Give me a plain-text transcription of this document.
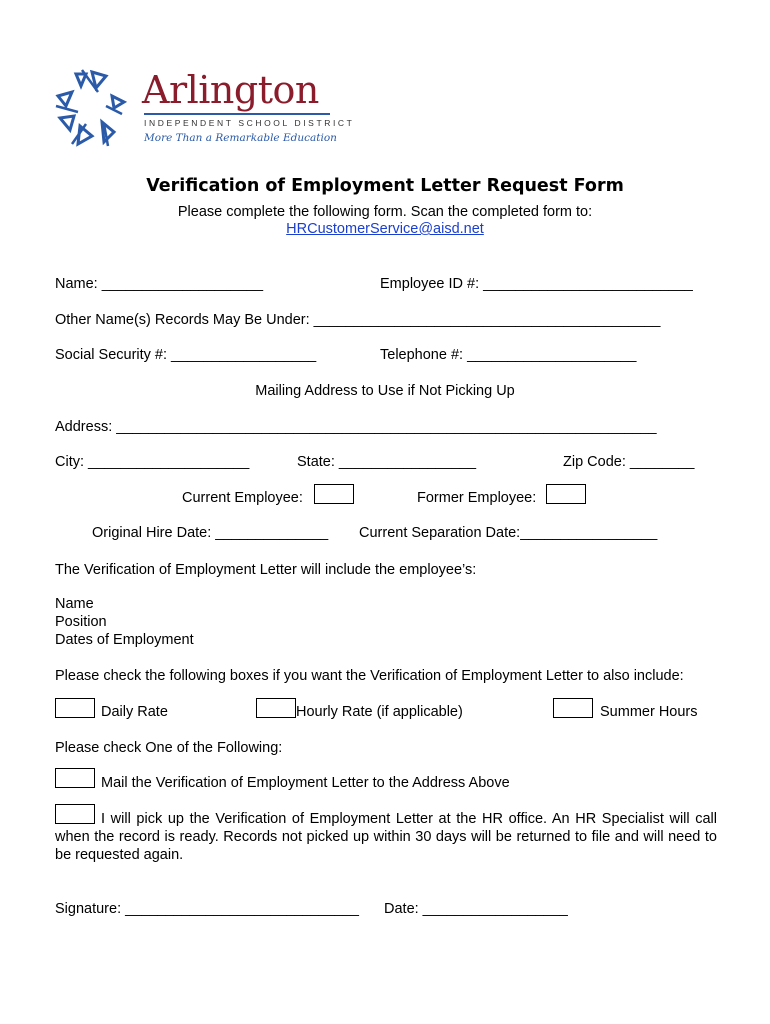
Arlington
INDEPENDENT SCHOOL DISTRICT
More Than a Remarkable Education
Verification of Employment Letter Request Form
Please complete the following form. Scan the completed form to:
HRCustomerService@aisd.net
Name: ____________________	Employee ID #: __________________________
Other Name(s) Records May Be Under: ___________________________________________
Social Security #: __________________	Telephone #: _____________________
Mailing Address to Use if Not Picking Up
Address: ___________________________________________________________________
City: ____________________	State: _________________	Zip Code: ________
Current Employee:	Former Employee:
Original Hire Date: ______________ Current Separation Date:_________________
The Verification of Employment Letter will include the employee’s:
Name
Position
Dates of Employment
Please check the following boxes if you want the Verification of Employment Letter to also include:
Daily Rate	Hourly Rate (if applicable)	Summer Hours
Please check One of the Following:
Mail the Verification of Employment Letter to the Address Above
I will pick up the Verification of Employment Letter at the HR office. An HR Specialist will call when the record is ready. Records not picked up within 30 days will be returned to file and will need to be requested again.
Signature: _____________________________ Date: __________________
